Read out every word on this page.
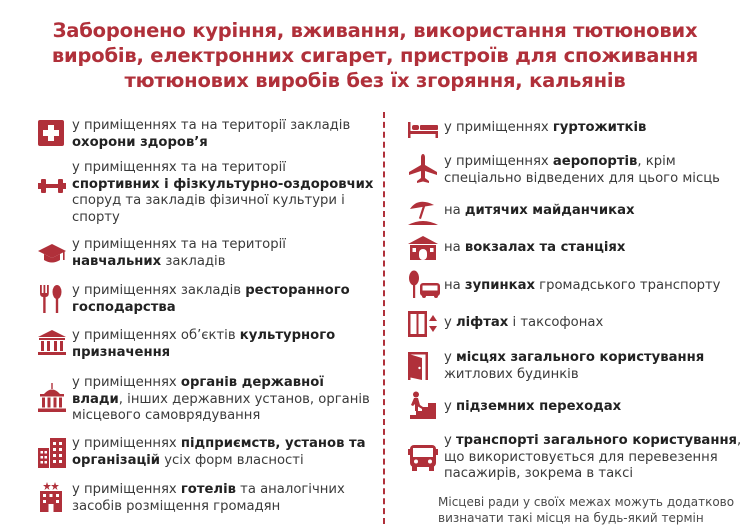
Заборонено куріння, вживання, використання тютюнових
виробів, електронних сигарет, пристроїв для споживання
тютюнових виробів без їх згоряння, кальянів
у приміщеннях та на території закладів
охорони здоров’я
у приміщеннях та на території
спортивних і фізкультурно-оздоровчих
споруд та закладів фізичної культури і
спорту
у приміщеннях та на території
навчальних закладів
у приміщеннях закладів ресторанного
господарства
у приміщеннях об’єктів культурного
призначення
у приміщеннях органів державної
влади, інших державних установ, органів
місцевого самоврядування
у приміщеннях підприємств, установ та
організацій усіх форм власності
у приміщеннях готелів та аналогічних
засобів розміщення громадян
у приміщеннях гуртожитків
у приміщеннях аеропортів, крім
спеціально відведених для цього місць
на дитячих майданчиках
на вокзалах та станціях
на зупинках громадського транспорту
у ліфтах і таксофонах
у місцях загального користування
житлових будинків
у підземних переходах
у транспорті загального користування,
що використовується для перевезення
пасажирів, зокрема в таксі
Місцеві ради у своїх межах можуть додатково
визначати такі місця на будь-який термін
